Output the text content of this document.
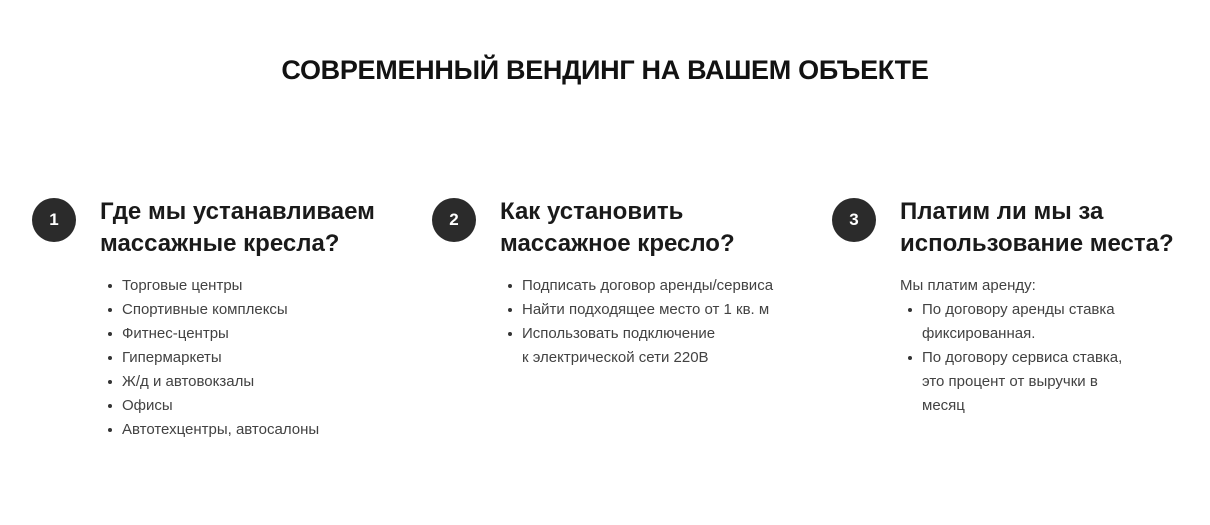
СОВРЕМЕННЫЙ ВЕНДИНГ НА ВАШЕМ ОБЪЕКТЕ
1	Где мы устанавливаем массажные кресла?
Торговые центры
Спортивные комплексы
Фитнес-центры
Гипермаркеты
Ж/д и автовокзалы
Офисы
Автотехцентры, автосалоны
2	Как установить массажное кресло?
Подписать договор аренды/сервиса
Найти подходящее место от 1 кв. м
Использовать подключение к электрической сети 220В
3	Платим ли мы за использование места?

Мы платим аренду:

По договору аренды ставка фиксированная.
По договору сервиса ставка, это процент от выручки в месяц
